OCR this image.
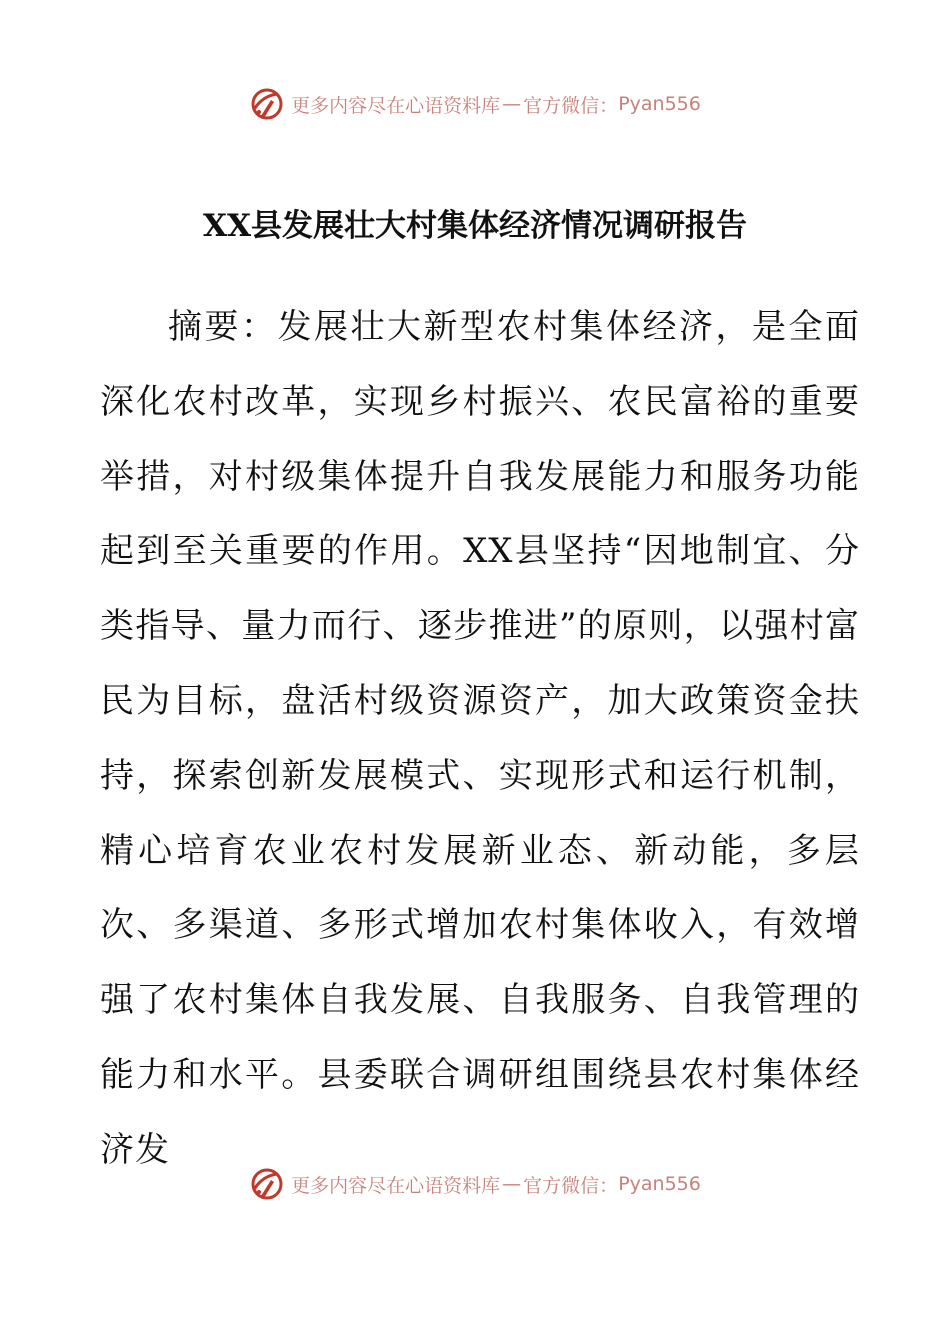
更多内容尽在心语资料库 — 官方微信： Pyan556
XX县发展壮大村集体经济情况调研报告

摘要：发展壮大新型农村集体经济，是全面深化农村改革，实现乡村振兴、农民富裕的重要举措，对村级集体提升自我发展能力和服务功能起到至关重要的作用。XX县坚持“因地制宜、分类指导、量力而行、逐步推进”的原则，以强村富民为目标，盘活村级资源资产，加大政策资金扶持，探索创新发展模式、实现形式和运行机制，精心培育农业农村发展新业态、新动能，多层次、多渠道、多形式增加农村集体收入，有效增强了农村集体自我发展、自我服务、自我管理的能力和水平。县委联合调研组围绕县农村集体经济发

更多内容尽在心语资料库 — 官方微信： Pyan556
